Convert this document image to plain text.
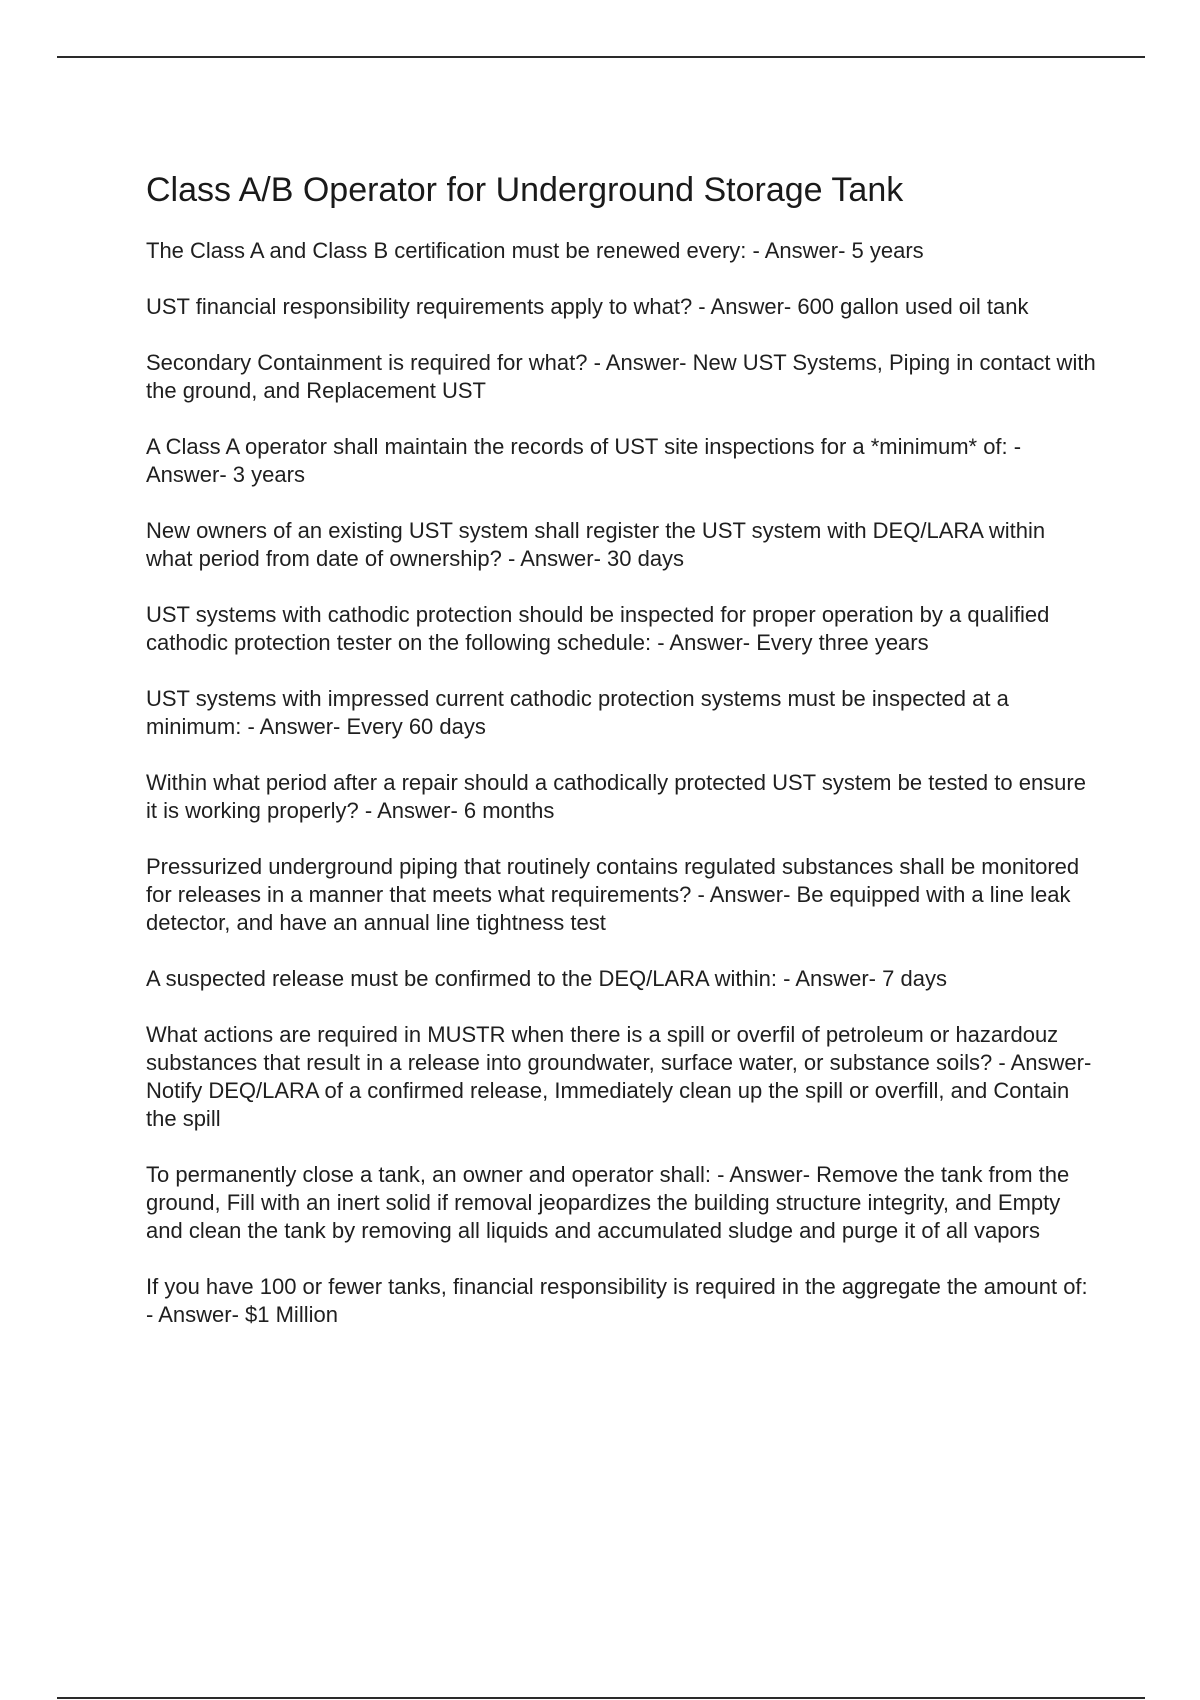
Class A/B Operator for Underground Storage Tank
The Class A and Class B certification must be renewed every: - Answer- 5 years
UST financial responsibility requirements apply to what? - Answer- 600 gallon used oil tank
Secondary Containment is required for what? - Answer- New UST Systems, Piping in contact with the ground, and Replacement UST
A Class A operator shall maintain the records of UST site inspections for a *minimum* of: - Answer- 3 years
New owners of an existing UST system shall register the UST system with DEQ/LARA within what period from date of ownership? - Answer- 30 days
UST systems with cathodic protection should be inspected for proper operation by a qualified cathodic protection tester on the following schedule: - Answer- Every three years
UST systems with impressed current cathodic protection systems must be inspected at a minimum: - Answer- Every 60 days
Within what period after a repair should a cathodically protected UST system be tested to ensure it is working properly? - Answer- 6 months
Pressurized underground piping that routinely contains regulated substances shall be monitored for releases in a manner that meets what requirements? - Answer- Be equipped with a line leak detector, and have an annual line tightness test
A suspected release must be confirmed to the DEQ/LARA within: - Answer- 7 days
What actions are required in MUSTR when there is a spill or overfil of petroleum or hazardouz substances that result in a release into groundwater, surface water, or substance soils? - Answer- Notify DEQ/LARA of a confirmed release, Immediately clean up the spill or overfill, and Contain the spill
To permanently close a tank, an owner and operator shall: - Answer- Remove the tank from the ground, Fill with an inert solid if removal jeopardizes the building structure integrity, and Empty and clean the tank by removing all liquids and accumulated sludge and purge it of all vapors
If you have 100 or fewer tanks, financial responsibility is required in the aggregate the amount of: - Answer- $1 Million
